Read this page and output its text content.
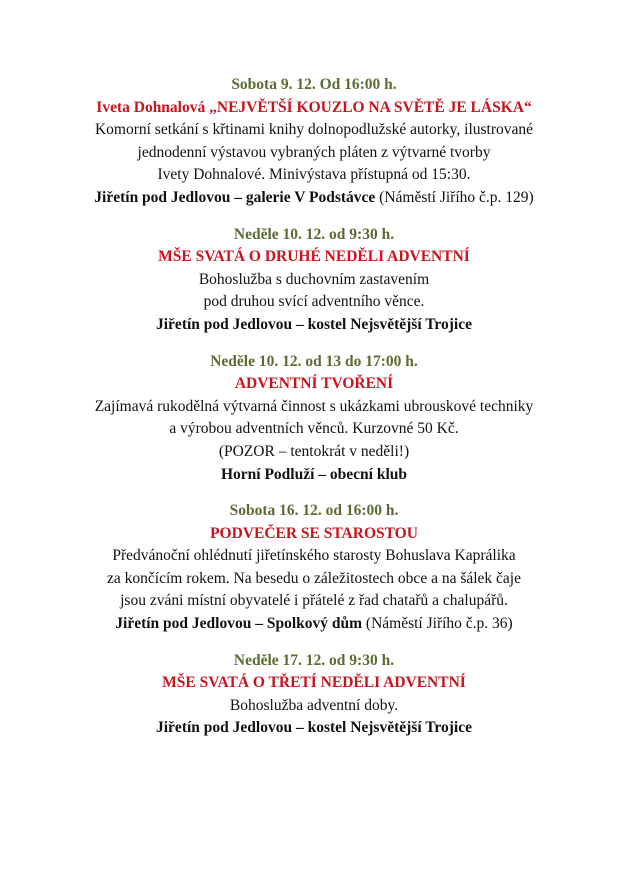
Sobota 9. 12. Od 16:00 h.
Iveta Dohnalová „NEJVĚTŠÍ KOUZLO NA SVĚTĚ JE LÁSKA“
Komorní setkání s křtinami knihy dolnopodlužské autorky, ilustrované
jednodenní výstavou vybraných pláten z výtvarné tvorby
Ivety Dohnalové. Minivýstava přístupná od 15:30.
Jiřetín pod Jedlovou – galerie V Podstávce (Náměstí Jiřího č.p. 129)
Neděle 10. 12. od 9:30 h.
MŠE SVATÁ O DRUHÉ NEDĚLI ADVENTNÍ
Bohoslužba s duchovním zastavením
pod druhou svící adventního věnce.
Jiřetín pod Jedlovou – kostel Nejsvětější Trojice
Neděle 10. 12. od 13 do 17:00 h.
ADVENTNÍ TVOŘENÍ
Zajímavá rukodělná výtvarná činnost s ukázkami ubrouskové techniky
a výrobou adventních věnců. Kurzovné 50 Kč.
(POZOR – tentokrát v neděli!)
Horní Podluží – obecní klub
Sobota 16. 12. od 16:00 h.
PODVEČER SE STAROSTOU
Předvánoční ohlédnutí jiřetínského starosty Bohuslava Kaprálika
za končícím rokem. Na besedu o záležitostech obce a na šálek čaje
jsou zváni místní obyvatelé i přátelé z řad chatařů a chalupářů.
Jiřetín pod Jedlovou – Spolkový dům (Náměstí Jiřího č.p. 36)
Neděle 17. 12. od 9:30 h.
MŠE SVATÁ O TŘETÍ NEDĚLI ADVENTNÍ
Bohoslužba adventní doby.
Jiřetín pod Jedlovou – kostel Nejsvětější Trojice
